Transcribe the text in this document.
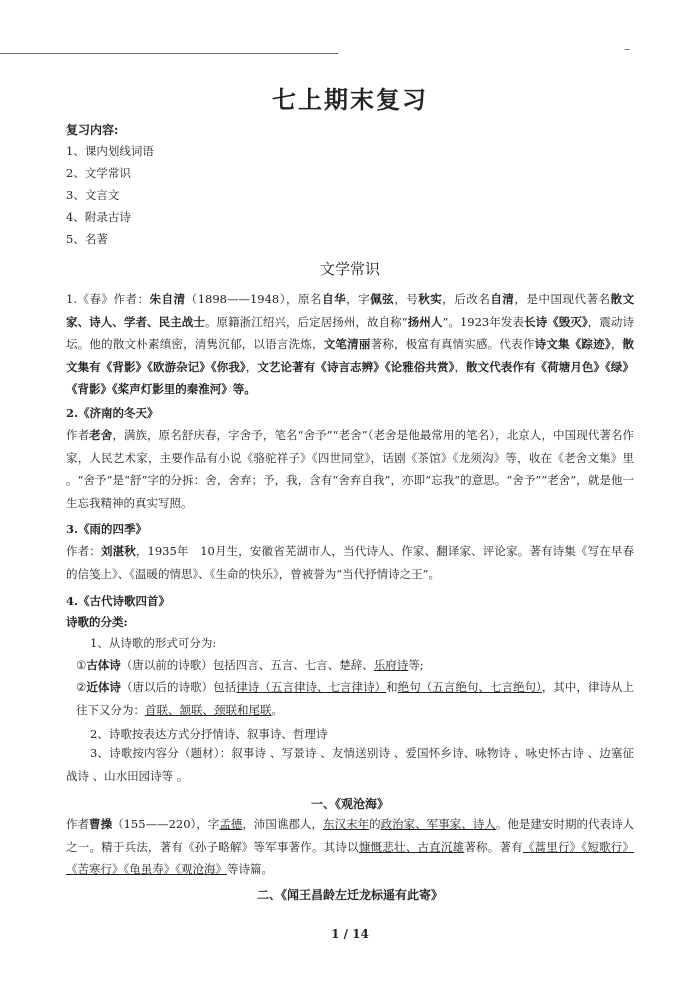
–
七上期末复习
复习内容:
1、课内划线词语
2、文学常识
3、文言文
4、附录古诗
5、名著
文学常识
1.《春》作者：朱自清（1898——1948），原名自华，字佩弦，号秋实，后改名自清，是中国现代著名散文家、诗人、学者、民主战士。原籍浙江绍兴，后定居扬州，故自称“扬州人”。1923年发表长诗《毁灭》，震动诗坛。他的散文朴素缜密，清隽沉郁，以语言洗炼，文笔清丽著称，极富有真情实感。代表作诗文集《踪迹》，散文集有《背影》《欧游杂记》《你我》，文艺论著有《诗言志辨》《论雅俗共赏》，散文代表作有《荷塘月色》《绿》《背影》《桨声灯影里的秦淮河》等。
2.《济南的冬天》
作者老舍，满族，原名舒庆春，字舍予，笔名“舍予”“老舍”（老舍是他最常用的笔名），北京人，中国现代著名作家，人民艺术家，主要作品有小说《骆驼祥子》《四世同堂》，话剧《茶馆》《龙须沟》等，收在《老舍文集》里 。“舍予”是“舒”字的分拆：舍，舍弃；予，我，含有“舍弃自我”，亦即“忘我”的意思。“舍予”“老舍”，就是他一生忘我精神的真实写照。
3.《雨的四季》
作者：刘湛秋，1935年　10月生，安徽省芜湖市人，当代诗人、作家、翻译家、评论家。著有诗集《写在早春的信笺上》、《温暖的情思》、《生命的快乐》，曾被誉为“当代抒情诗之王”。
4.《古代诗歌四首》
诗歌的分类:
1、从诗歌的形式可分为:
①古体诗（唐以前的诗歌）包括四言、五言、七言、楚辞、乐府诗等;
②近体诗（唐以后的诗歌）包括律诗（五言律诗、七言律诗）和绝句（五言绝句、七言绝句），其中，律诗从上往下又分为：首联、颔联、颈联和尾联。
2、诗歌按表达方式分抒情诗、叙事诗、哲理诗
3、诗歌按内容分（题材）：叙事诗 、写景诗 、友情送别诗 、爱国怀乡诗、咏物诗 、咏史怀古诗 、边塞征战诗 、山水田园诗等 。
一、《观沧海》
作者曹操（155——220），字孟德，沛国谯郡人，东汉末年的政治家、军事家、诗人。他是建安时期的代表诗人之一。精于兵法，著有《孙子略解》等军事著作。其诗以慷慨悲壮、古直沉雄著称。著有《蒿里行》《短歌行》《苦寒行》《龟虽寿》《观沧海》等诗篇。
二、《闻王昌龄左迁龙标遥有此寄》
1 / 14
